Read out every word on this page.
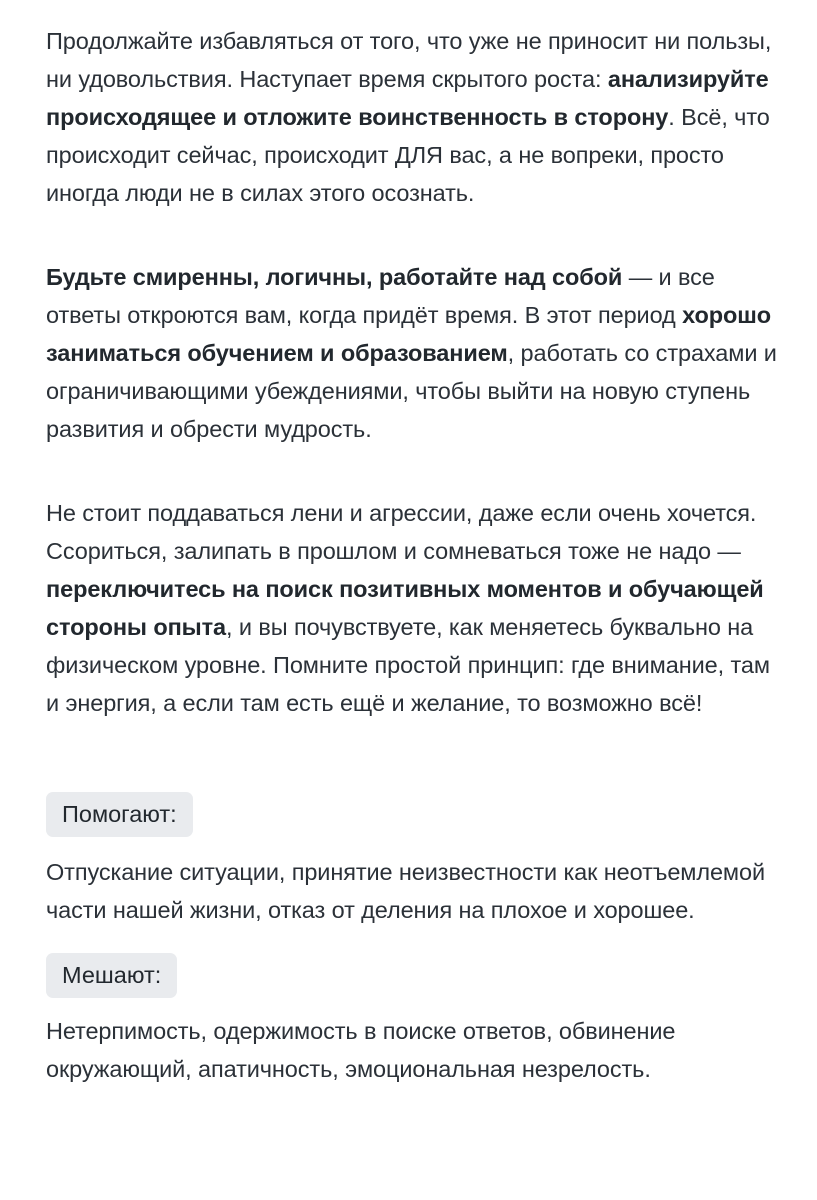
Продолжайте избавляться от того, что уже не приносит ни пользы, ни удовольствия. Наступает время скрытого роста: анализируйте происходящее и отложите воинственность в сторону. Всё, что происходит сейчас, происходит ДЛЯ вас, а не вопреки, просто иногда люди не в силах этого осознать.

Будьте смиренны, логичны, работайте над собой — и все ответы откроются вам, когда придёт время. В этот период хорошо заниматься обучением и образованием, работать со страхами и ограничивающими убеждениями, чтобы выйти на новую ступень развития и обрести мудрость.

Не стоит поддаваться лени и агрессии, даже если очень хочется. Ссориться, залипать в прошлом и сомневаться тоже не надо — переключитесь на поиск позитивных моментов и обучающей стороны опыта, и вы почувствуете, как меняетесь буквально на физическом уровне. Помните простой принцип: где внимание, там и энергия, а если там есть ещё и желание, то возможно всё!

Помогают:

Отпускание ситуации, принятие неизвестности как неотъемлемой части нашей жизни, отказ от деления на плохое и хорошее.

Мешают:

Нетерпимость, одержимость в поиске ответов, обвинение окружающий, апатичность, эмоциональная незрелость.
